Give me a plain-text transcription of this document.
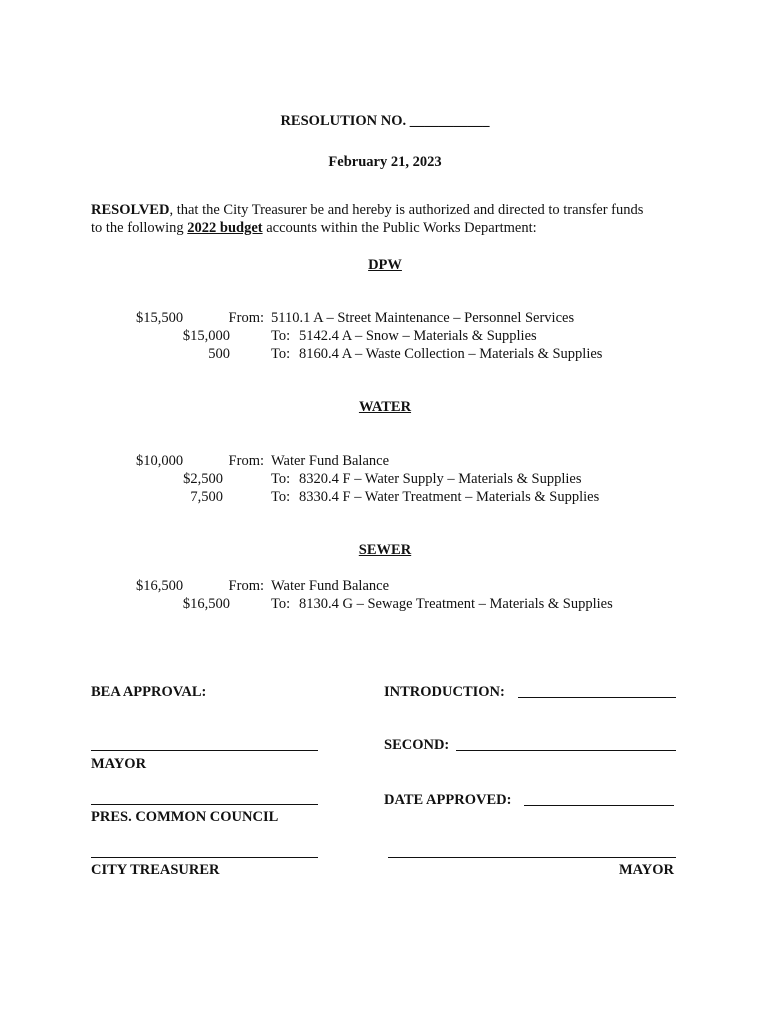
RESOLUTION NO. ___________
February 21, 2023
RESOLVED, that the City Treasurer be and hereby is authorized and directed to transfer funds
to the following 2022 budget accounts within the Public Works Department:
DPW
$15,500	From: 5110.1 A – Street Maintenance – Personnel Services
$15,000	To: 5142.4 A – Snow – Materials & Supplies
500	To: 8160.4 A – Waste Collection – Materials & Supplies
WATER
$10,000	From: Water Fund Balance
$2,500	To: 8320.4 F – Water Supply – Materials & Supplies
7,500	To: 8330.4 F – Water Treatment – Materials & Supplies
SEWER
$16,500	From: Water Fund Balance
$16,500	To: 8130.4 G – Sewage Treatment – Materials & Supplies
BEA APPROVAL:	INTRODUCTION:
SECOND:
MAYOR
DATE APPROVED:
PRES. COMMON COUNCIL
CITY TREASURER	MAYOR
